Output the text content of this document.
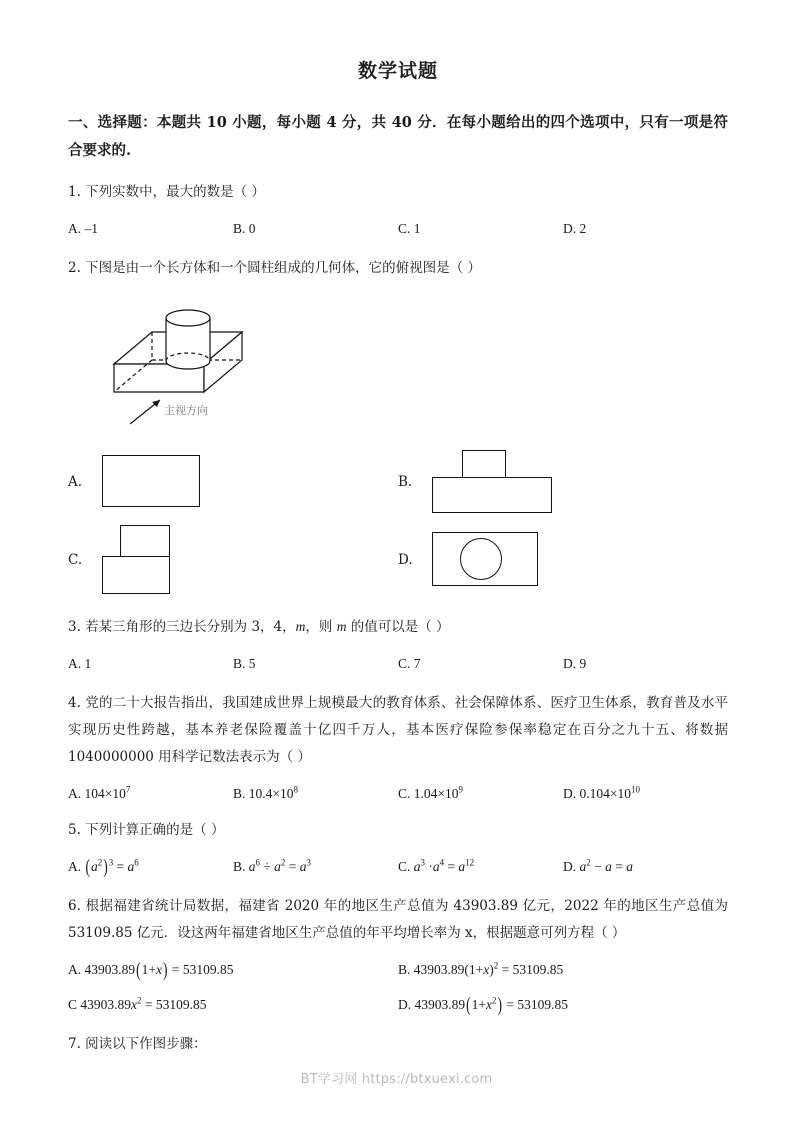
数学试题
一、选择题：本题共 10 小题，每小题 4 分，共 40 分．在每小题给出的四个选项中，只有一项是符合要求的.
1. 下列实数中，最大的数是（ ）
A. –1	B. 0	C. 1	D. 2
2. 下图是由一个长方体和一个圆柱组成的几何体，它的俯视图是（ ）
主视方向
A.	B.
C.	D.
3. 若某三角形的三边长分别为 3，4，m，则 m 的值可以是（ ）
A. 1	B. 5	C. 7	D. 9
4. 党的二十大报告指出，我国建成世界上规模最大的教育体系、社会保障体系、医疗卫生体系，教育普及水平实现历史性跨越，基本养老保险覆盖十亿四千万人，基本医疗保险参保率稳定在百分之九十五、将数据 1040000000 用科学记数法表示为（ ）
A. $104\times 10^7$	B. $10.4\times 10^8$	C. $1.04\times 10^9$	D. $0.104\times 10^{10}$
5. 下列计算正确的是（ ）
A. $(a^2)^3 = a^6$	B. $a^6 \div a^2 = a^3$	C. $a^3 \cdot a^4 = a^{12}$	D. $a^2 - a = a$
6. 根据福建省统计局数据，福建省 2020 年的地区生产总值为 43903.89 亿元，2022 年的地区生产总值为 53109.85 亿元．设这两年福建省地区生产总值的年平均增长率为 x，根据题意可列方程（ ）
A. 43903.89(1+x) = 53109.85	B. $43903.89(1+x)^2 = 53109.85$
C $43903.89x^2 = 53109.85$	D. $43903.89(1+x^2) = 53109.85$
7. 阅读以下作图步骤：
BT学习网 https://btxuexi.com
